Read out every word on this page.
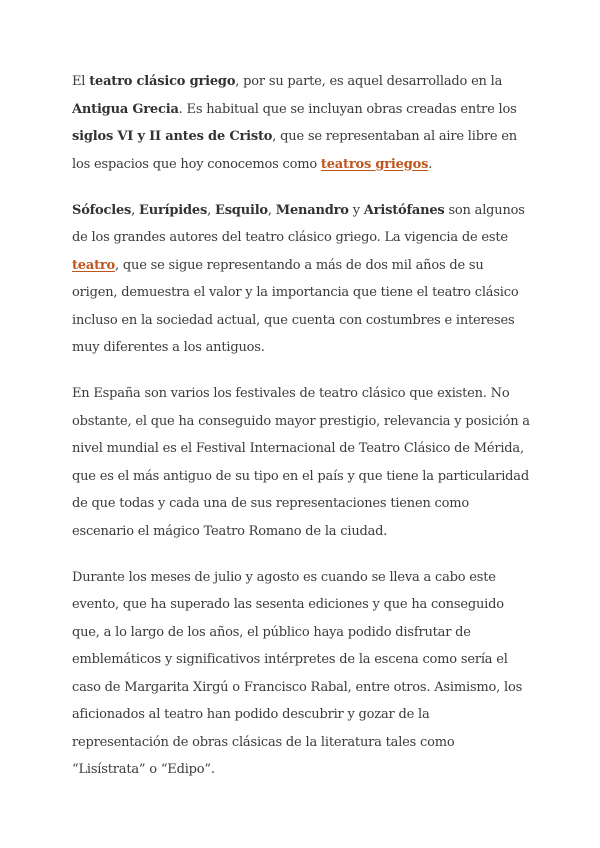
El teatro clásico griego, por su parte, es aquel desarrollado en la Antigua Grecia. Es habitual que se incluyan obras creadas entre los siglos VI y II antes de Cristo, que se representaban al aire libre en los espacios que hoy conocemos como teatros griegos.

Sófocles, Eurípides, Esquilo, Menandro y Aristófanes son algunos de los grandes autores del teatro clásico griego. La vigencia de este teatro, que se sigue representando a más de dos mil años de su origen, demuestra el valor y la importancia que tiene el teatro clásico incluso en la sociedad actual, que cuenta con costumbres e intereses muy diferentes a los antiguos.

En España son varios los festivales de teatro clásico que existen. No obstante, el que ha conseguido mayor prestigio, relevancia y posición a nivel mundial es el Festival Internacional de Teatro Clásico de Mérida, que es el más antiguo de su tipo en el país y que tiene la particularidad de que todas y cada una de sus representaciones tienen como escenario el mágico Teatro Romano de la ciudad.

Durante los meses de julio y agosto es cuando se lleva a cabo este evento, que ha superado las sesenta ediciones y que ha conseguido que, a lo largo de los años, el público haya podido disfrutar de emblemáticos y significativos intérpretes de la escena como sería el caso de Margarita Xirgú o Francisco Rabal, entre otros. Asimismo, los aficionados al teatro han podido descubrir y gozar de la representación de obras clásicas de la literatura tales como “Lisístrata” o “Edipo”.
